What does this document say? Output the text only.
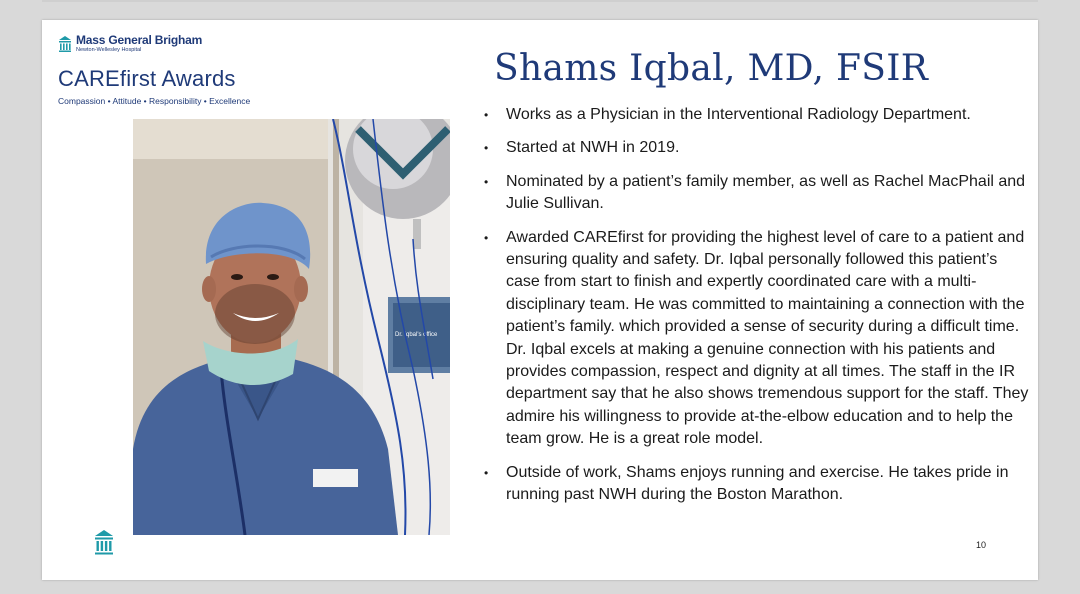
Mass General Brigham
Newton-Wellesley Hospital
CAREfirst Awards
Compassion • Attitude • Responsibility • Excellence
Dr. Iqbal's office
Shams Iqbal, MD, FSIR
• Works as a Physician in the Interventional Radiology Department.
• Started at NWH in 2019.
• Nominated by a patient’s family member, as well as Rachel MacPhail and Julie Sullivan.
• Awarded CAREfirst for providing the highest level of care to a patient and ensuring quality and safety. Dr. Iqbal personally followed this patient’s case from start to finish and expertly coordinated care with a multi-disciplinary team. He was committed to maintaining a connection with the patient’s family. which provided a sense of security during a difficult time. Dr. Iqbal excels at making a genuine connection with his patients and provides compassion, respect and dignity at all times. The staff in the IR department say that he also shows tremendous support for the staff. They admire his willingness to provide at-the-elbow education and to help the team grow. He is a great role model.
• Outside of work, Shams enjoys running and exercise. He takes pride in running past NWH during the Boston Marathon.
10
